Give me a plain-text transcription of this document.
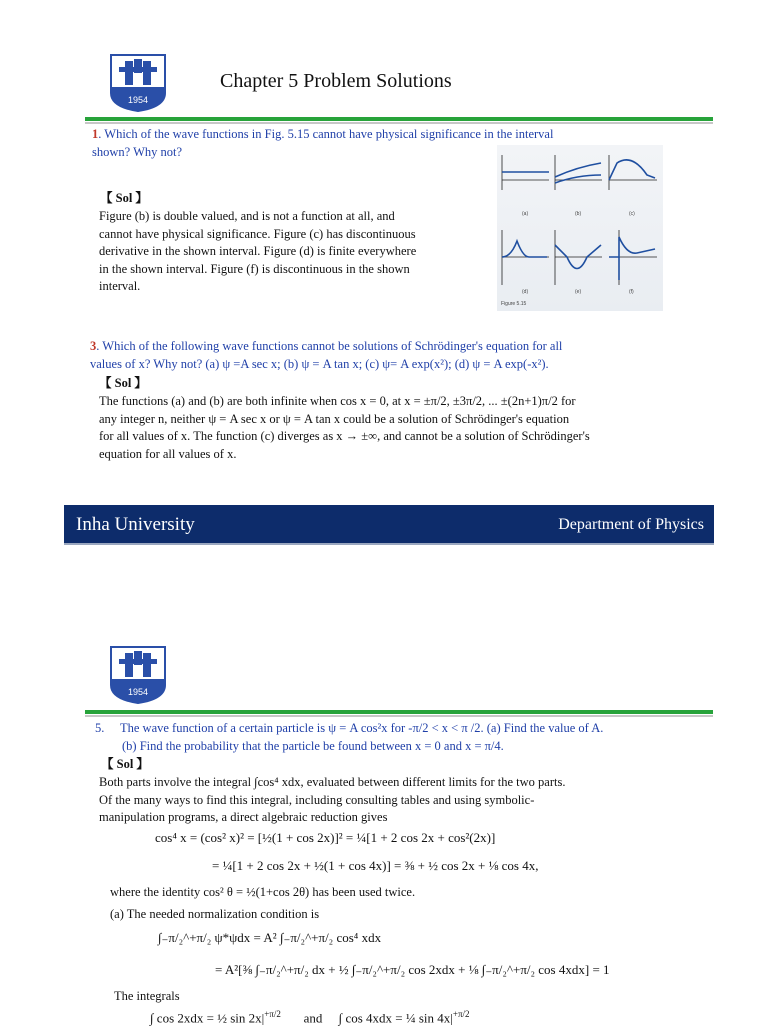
1954
Chapter 5 Problem Solutions
1. Which of the wave functions in Fig. 5.15 cannot have physical significance in the interval
shown? Why not?
【 Sol 】
Figure (b) is double valued, and is not a function at all, and
cannot have physical significance. Figure (c) has discontinuous
derivative in the shown interval. Figure (d) is finite everywhere
in the shown interval. Figure (f) is discontinuous in the shown
interval.
(a)	(b)	(c)
(d)	(e)	(f)
Figure 5.15
3. Which of the following wave functions cannot be solutions of Schrödinger's equation for all
values of x? Why not? (a) ψ =A sec x; (b) ψ = A tan x; (c) ψ= A exp(x²); (d) ψ = A exp(-x²).
【 Sol 】
The functions (a) and (b) are both infinite when cos x = 0, at x = ±π/2, ±3π/2, ... ±(2n+1)π/2 for
any integer n, neither ψ = A sec x or ψ = A tan x could be a solution of Schrödinger's equation
for all values of x. The function (c) diverges as x → ±∞, and cannot be a solution of Schrödinger's
equation for all values of x.
Inha University	Department of Physics
1954
5. The wave function of a certain particle is ψ = A cos²x for -π/2 < x < π /2. (a) Find the value of A.
(b) Find the probability that the particle be found between x = 0 and x = π/4.
【 Sol 】
Both parts involve the integral ∫cos⁴ xdx, evaluated between different limits for the two parts.
Of the many ways to find this integral, including consulting tables and using symbolic-
manipulation programs, a direct algebraic reduction gives
cos⁴ x = (cos² x)² = [½(1 + cos 2x)]² = ¼[1 + 2 cos 2x + cos²(2x)]
= ¼[1 + 2 cos 2x + ½(1 + cos 4x)] = ⅜ + ½ cos 2x + ⅛ cos 4x,
where the identity cos² θ = ½(1+cos 2θ) has been used twice.
(a) The needed normalization condition is
∫₋π/₂^+π/₂ ψ*ψdx = A² ∫₋π/₂^+π/₂ cos⁴ xdx
= A²[⅜ ∫₋π/₂^+π/₂ dx + ½ ∫₋π/₂^+π/₂ cos 2xdx + ⅛ ∫₋π/₂^+π/₂ cos 4xdx] = 1
The integrals
∫ cos 2xdx = ½ $\sin 2x|^{+\pi/2}$ and ∫ cos 4xdx = ¼ $\sin 4x|^{+\pi/2}$
